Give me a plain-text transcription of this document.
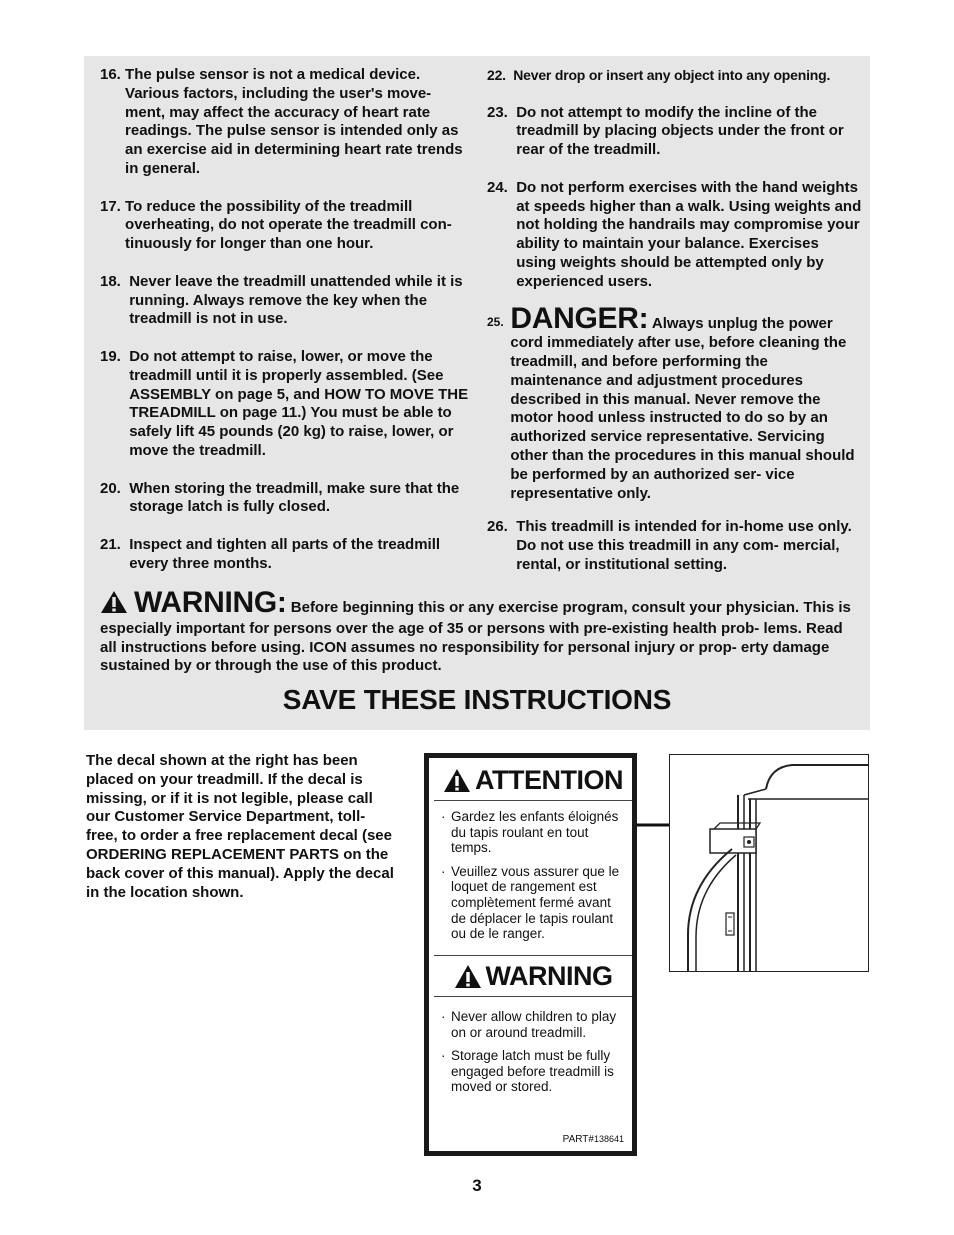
16. The pulse sensor is not a medical device. Various factors, including the user's move- ment, may affect the accuracy of heart rate readings. The pulse sensor is intended only as an exercise aid in determining heart rate trends in general.
17. To reduce the possibility of the treadmill overheating, do not operate the treadmill con- tinuously for longer than one hour.
18. Never leave the treadmill unattended while it is running. Always remove the key when the treadmill is not in use.
19. Do not attempt to raise, lower, or move the treadmill until it is properly assembled. (See ASSEMBLY on page 5, and HOW TO MOVE THE TREADMILL on page 11.) You must be able to safely lift 45 pounds (20 kg) to raise, lower, or move the treadmill.
20. When storing the treadmill, make sure that the storage latch is fully closed.
21. Inspect and tighten all parts of the treadmill every three months.
22. Never drop or insert any object into any opening.
23. Do not attempt to modify the incline of the treadmill by placing objects under the front or rear of the treadmill.
24. Do not perform exercises with the hand weights at speeds higher than a walk. Using weights and not holding the handrails may compromise your ability to maintain your balance. Exercises using weights should be attempted only by experienced users.
25. DANGER: Always unplug the power cord immediately after use, before cleaning the treadmill, and before performing the maintenance and adjustment procedures described in this manual. Never remove the motor hood unless instructed to do so by an authorized service representative. Servicing other than the procedures in this manual should be performed by an authorized ser- vice representative only.
26. This treadmill is intended for in-home use only. Do not use this treadmill in any com- mercial, rental, or institutional setting.
WARNING: Before beginning this or any exercise program, consult your physician. This is especially important for persons over the age of 35 or persons with pre-existing health prob- lems. Read all instructions before using. ICON assumes no responsibility for personal injury or prop- erty damage sustained by or through the use of this product.
SAVE THESE INSTRUCTIONS
The decal shown at the right has been placed on your treadmill. If the decal is missing, or if it is not legible, please call our Customer Service Department, toll- free, to order a free replacement decal (see ORDERING REPLACEMENT PARTS on the back cover of this manual). Apply the decal in the location shown.
ATTENTION
· Gardez les enfants éloignés du tapis roulant en tout temps.
· Veuillez vous assurer que le loquet de rangement est complètement fermé avant de déplacer le tapis roulant ou de le ranger.
WARNING
· Never allow children to play on or around treadmill.
· Storage latch must be fully engaged before treadmill is moved or stored.
PART#138641
3
